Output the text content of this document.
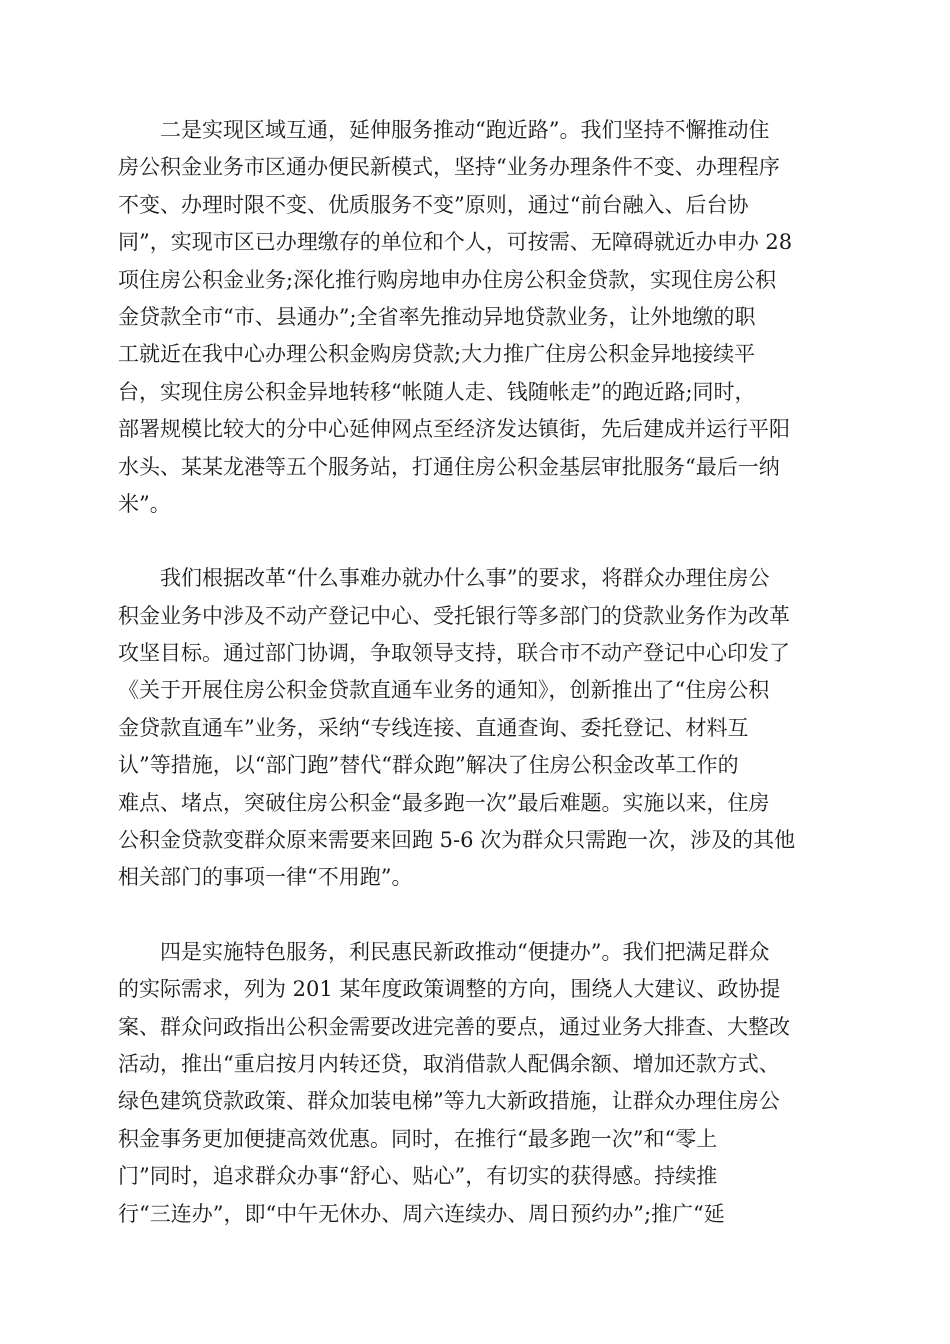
　　二是实现区域互通，延伸服务推动“跑近路”。我们坚持不懈推动住
房公积金业务市区通办便民新模式，坚持“业务办理条件不变、办理程序
不变、办理时限不变、优质服务不变”原则，通过“前台融入、后台协
同”，实现市区已办理缴存的单位和个人，可按需、无障碍就近办申办 28
项住房公积金业务;深化推行购房地申办住房公积金贷款，实现住房公积
金贷款全市“市、县通办”;全省率先推动异地贷款业务，让外地缴的职
工就近在我中心办理公积金购房贷款;大力推广住房公积金异地接续平
台，实现住房公积金异地转移“帐随人走、钱随帐走”的跑近路;同时，
部署规模比较大的分中心延伸网点至经济发达镇街，先后建成并运行平阳
水头、某某龙港等五个服务站，打通住房公积金基层审批服务“最后一纳
米”。
　　我们根据改革“什么事难办就办什么事”的要求，将群众办理住房公
积金业务中涉及不动产登记中心、受托银行等多部门的贷款业务作为改革
攻坚目标。通过部门协调，争取领导支持，联合市不动产登记中心印发了
《关于开展住房公积金贷款直通车业务的通知》，创新推出了“住房公积
金贷款直通车”业务，采纳“专线连接、直通查询、委托登记、材料互
认”等措施，以“部门跑”替代“群众跑”解决了住房公积金改革工作的
难点、堵点，突破住房公积金“最多跑一次”最后难题。实施以来，住房
公积金贷款变群众原来需要来回跑 5-6 次为群众只需跑一次，涉及的其他
相关部门的事项一律“不用跑”。
　　四是实施特色服务，利民惠民新政推动“便捷办”。我们把满足群众
的实际需求，列为 201 某年度政策调整的方向，围绕人大建议、政协提
案、群众问政指出公积金需要改进完善的要点，通过业务大排查、大整改
活动，推出“重启按月内转还贷，取消借款人配偶余额、增加还款方式、
绿色建筑贷款政策、群众加装电梯”等九大新政措施，让群众办理住房公
积金事务更加便捷高效优惠。同时，在推行“最多跑一次”和“零上
门”同时，追求群众办事“舒心、贴心”，有切实的获得感。持续推
行“三连办”，即“中午无休办、周六连续办、周日预约办”;推广“延
